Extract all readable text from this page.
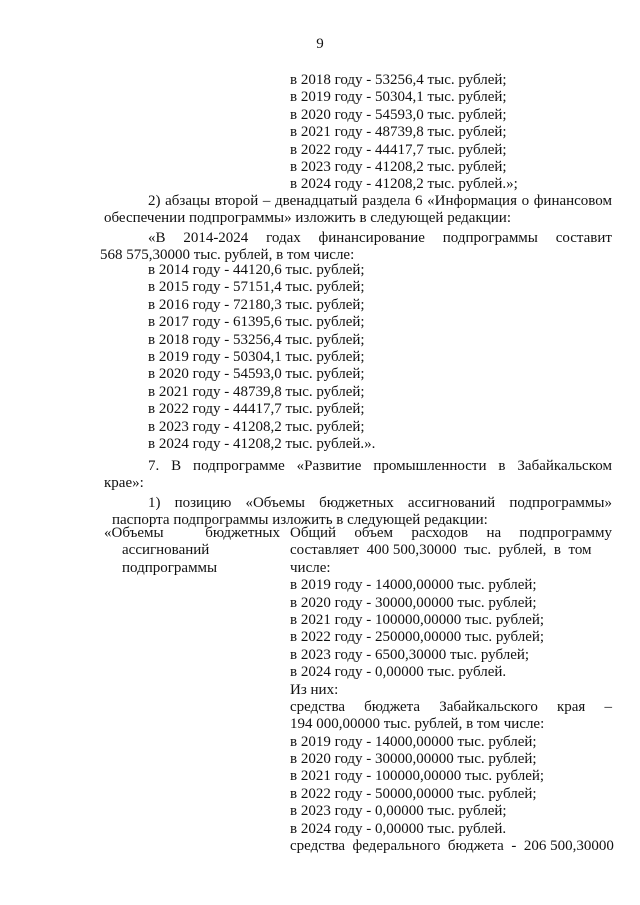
9
в 2018 году - 53256,4 тыс. рублей;
в 2019 году - 50304,1 тыс. рублей;
в 2020 году - 54593,0 тыс. рублей;
в 2021 году - 48739,8 тыс. рублей;
в 2022 году - 44417,7 тыс. рублей;
в 2023 году - 41208,2 тыс. рублей;
в 2024 году - 41208,2 тыс. рублей.»;
2) абзацы второй – двенадцатый раздела 6 «Информация о финансовом
обеспечении подпрограммы» изложить в следующей редакции:
«В 2014-2024 годах финансирование подпрограммы составит
568 575,30000 тыс. рублей, в том числе:
в 2014 году - 44120,6 тыс. рублей;
в 2015 году - 57151,4 тыс. рублей;
в 2016 году - 72180,3 тыс. рублей;
в 2017 году - 61395,6 тыс. рублей;
в 2018 году - 53256,4 тыс. рублей;
в 2019 году - 50304,1 тыс. рублей;
в 2020 году - 54593,0 тыс. рублей;
в 2021 году - 48739,8 тыс. рублей;
в 2022 году - 44417,7 тыс. рублей;
в 2023 году - 41208,2 тыс. рублей;
в 2024 году - 41208,2 тыс. рублей.».
7. В подпрограмме «Развитие промышленности в Забайкальском
крае»:
1) позицию «Объемы бюджетных ассигнований подпрограммы»
паспорта подпрограммы изложить в следующей редакции:
«Объемы	бюджетных
ассигнований
подпрограммы
Общий объем расходов на подпрограмму
составляет  400 500,30000  тыс.  рублей,  в  том
числе:
в 2019 году - 14000,00000 тыс. рублей;
в 2020 году - 30000,00000 тыс. рублей;
в 2021 году - 100000,00000 тыс. рублей;
в 2022 году - 250000,00000 тыс. рублей;
в 2023 году - 6500,30000 тыс. рублей;
в 2024 году - 0,00000 тыс. рублей.
Из них:
средства бюджета Забайкальского края –
194 000,00000 тыс. рублей, в том числе:
в 2019 году - 14000,00000 тыс. рублей;
в 2020 году - 30000,00000 тыс. рублей;
в 2021 году - 100000,00000 тыс. рублей;
в 2022 году - 50000,00000 тыс. рублей;
в 2023 году - 0,00000 тыс. рублей;
в 2024 году - 0,00000 тыс. рублей.
средства  федерального  бюджета  -  206 500,30000
